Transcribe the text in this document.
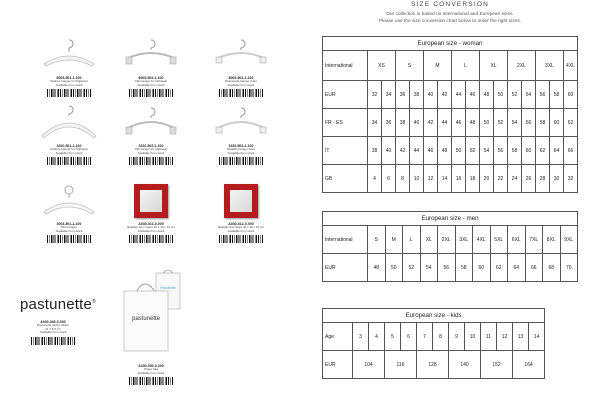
8005-501-1-100
Clothes hanger for highwear
Available from stock
8005-502-1-100
Clip hanger for highwear
Available from stock
8005-503-1-100
Pastunette hanger foam
Available from stock
3220-501-1-100
Clothes hanger for highwear
Available from stock
3220-502-1-100
Clip hanger for highwear
Available from stock
3220-503-1-100
Reliable hanger foam
Available from stock
3003-501-1-100
Mini hanger
Available from stock
A030-511-0-000
Reliable box cream 40 x 40 x 10 cm
Available from stock
A030-512-0-000
Reliable box large 40 x 40 x 10 cm
Available from stock
pastunette®
A030-303-0-000
Pastunette sticky sticker
21 x 5,5 cm
Available from stock
Pastunette
pastunette
A030-500-0-000
Paper bag
Available from stock
SIZE CONVERSION
Our collection is based on international and European sizes.
Please use the size conversion chart below to order the right sizes.
European size - woman															
International	XS		S		M		L		XL		2XL		3XL		4XL
EUR	32	34	36	38	40	42	44	46	48	50	52	54	56	58	60
FR - ES	34	36	38	40	42	44	46	48	50	52	54	56	58	60	62
IT	38	40	42	44	46	48	50	52	54	56	58	60	62	64	66
GB	4	6	8	10	12	14	16	18	20	22	24	26	28	30	32
European size - men												
International	S	M	L	XL	2XL	3XL	4XL	5XL	6XL	7XL	8XL	9XL
EUR	48	50	52	54	56	58	60	62	64	66	68	70
European size - kids												
Age	3	4	5	6	7	8	9	10	11	12	13	14
EUR	104		116		128		140		152		164	
